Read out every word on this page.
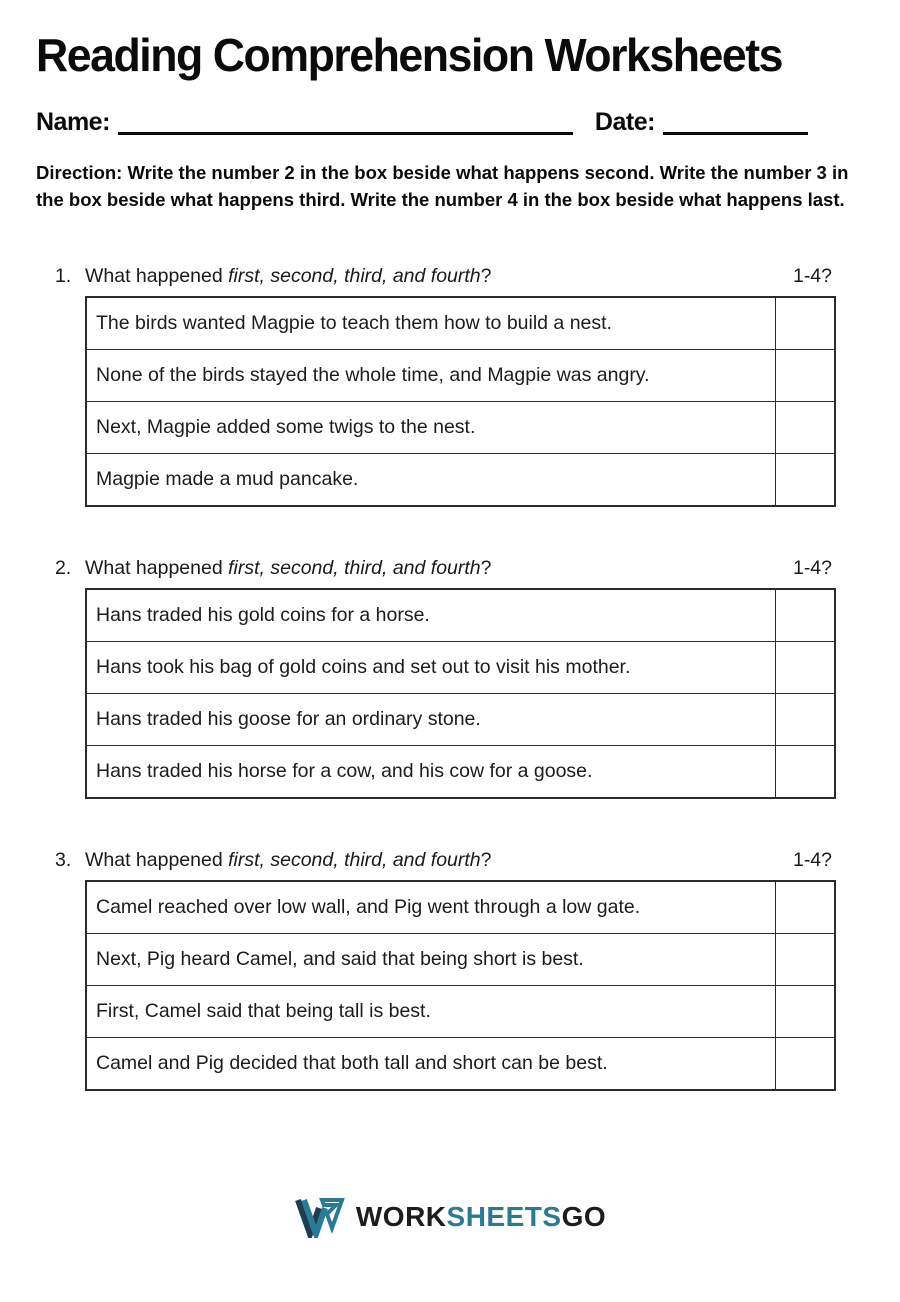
Reading Comprehension Worksheets
Name:	Date:

Direction: Write the number 2 in the box beside what happens second. Write the number 3 in the box beside what happens third. Write the number 4 in the box beside what happens last.

1. What happened first, second, third, and fourth?	1-4?
The birds wanted Magpie to teach them how to build a nest.
None of the birds stayed the whole time, and Magpie was angry.
Next, Magpie added some twigs to the nest.
Magpie made a mud pancake.
2. What happened first, second, third, and fourth?	1-4?
Hans traded his gold coins for a horse.
Hans took his bag of gold coins and set out to visit his mother.
Hans traded his goose for an ordinary stone.
Hans traded his horse for a cow, and his cow for a goose.
3. What happened first, second, third, and fourth?	1-4?
Camel reached over low wall, and Pig went through a low gate.
Next, Pig heard Camel, and said that being short is best.
First, Camel said that being tall is best.
Camel and Pig decided that both tall and short can be best.
WORKSHEETSGO
